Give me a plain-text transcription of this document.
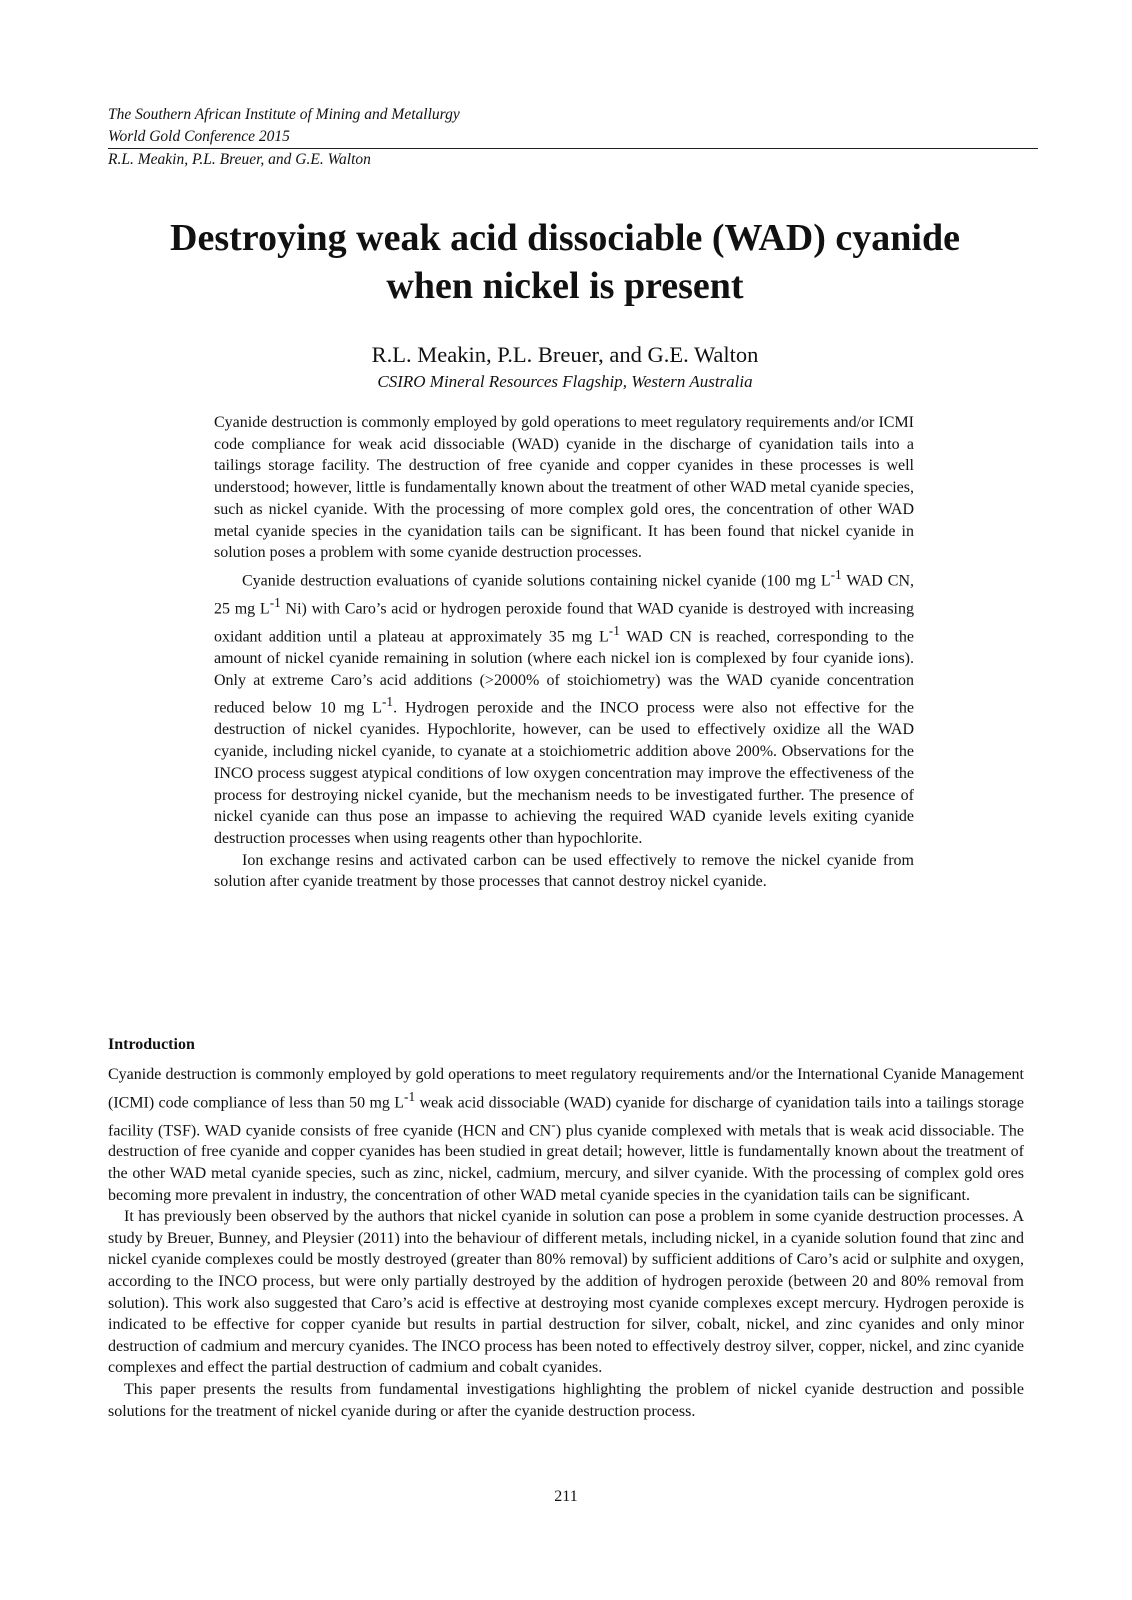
The Southern African Institute of Mining and Metallurgy
World Gold Conference 2015
R.L. Meakin, P.L. Breuer, and G.E. Walton
Destroying weak acid dissociable (WAD) cyanide
when nickel is present
R.L. Meakin, P.L. Breuer, and G.E. Walton
CSIRO Mineral Resources Flagship, Western Australia

Cyanide destruction is commonly employed by gold operations to meet regulatory requirements and/or ICMI code compliance for weak acid dissociable (WAD) cyanide in the discharge of cyanidation tails into a tailings storage facility. The destruction of free cyanide and copper cyanides in these processes is well understood; however, little is fundamentally known about the treatment of other WAD metal cyanide species, such as nickel cyanide. With the processing of more complex gold ores, the concentration of other WAD metal cyanide species in the cyanidation tails can be significant. It has been found that nickel cyanide in solution poses a problem with some cyanide destruction processes.

Cyanide destruction evaluations of cyanide solutions containing nickel cyanide (100 mg $L^{-1}$ WAD CN, 25 mg $L^{-1}$ Ni) with Caro’s acid or hydrogen peroxide found that WAD cyanide is destroyed with increasing oxidant addition until a plateau at approximately 35 mg $L^{-1}$ WAD CN is reached, corresponding to the amount of nickel cyanide remaining in solution (where each nickel ion is complexed by four cyanide ions). Only at extreme Caro’s acid additions (>2000% of stoichiometry) was the WAD cyanide concentration reduced below 10 mg $L^{-1}$. Hydrogen peroxide and the INCO process were also not effective for the destruction of nickel cyanides. Hypochlorite, however, can be used to effectively oxidize all the WAD cyanide, including nickel cyanide, to cyanate at a stoichiometric addition above 200%. Observations for the INCO process suggest atypical conditions of low oxygen concentration may improve the effectiveness of the process for destroying nickel cyanide, but the mechanism needs to be investigated further. The presence of nickel cyanide can thus pose an impasse to achieving the required WAD cyanide levels exiting cyanide destruction processes when using reagents other than hypochlorite.

Ion exchange resins and activated carbon can be used effectively to remove the nickel cyanide from solution after cyanide treatment by those processes that cannot destroy nickel cyanide.

Introduction

Cyanide destruction is commonly employed by gold operations to meet regulatory requirements and/or the International Cyanide Management (ICMI) code compliance of less than 50 mg $L^{-1}$ weak acid dissociable (WAD) cyanide for discharge of cyanidation tails into a tailings storage facility (TSF). WAD cyanide consists of free cyanide (HCN and CN-) plus cyanide complexed with metals that is weak acid dissociable. The destruction of free cyanide and copper cyanides has been studied in great detail; however, little is fundamentally known about the treatment of the other WAD metal cyanide species, such as zinc, nickel, cadmium, mercury, and silver cyanide. With the processing of complex gold ores becoming more prevalent in industry, the concentration of other WAD metal cyanide species in the cyanidation tails can be significant.

It has previously been observed by the authors that nickel cyanide in solution can pose a problem in some cyanide destruction processes. A study by Breuer, Bunney, and Pleysier (2011) into the behaviour of different metals, including nickel, in a cyanide solution found that zinc and nickel cyanide complexes could be mostly destroyed (greater than 80% removal) by sufficient additions of Caro’s acid or sulphite and oxygen, according to the INCO process, but were only partially destroyed by the addition of hydrogen peroxide (between 20 and 80% removal from solution). This work also suggested that Caro’s acid is effective at destroying most cyanide complexes except mercury. Hydrogen peroxide is indicated to be effective for copper cyanide but results in partial destruction for silver, cobalt, nickel, and zinc cyanides and only minor destruction of cadmium and mercury cyanides. The INCO process has been noted to effectively destroy silver, copper, nickel, and zinc cyanide complexes and effect the partial destruction of cadmium and cobalt cyanides.

This paper presents the results from fundamental investigations highlighting the problem of nickel cyanide destruction and possible solutions for the treatment of nickel cyanide during or after the cyanide destruction process.

211
